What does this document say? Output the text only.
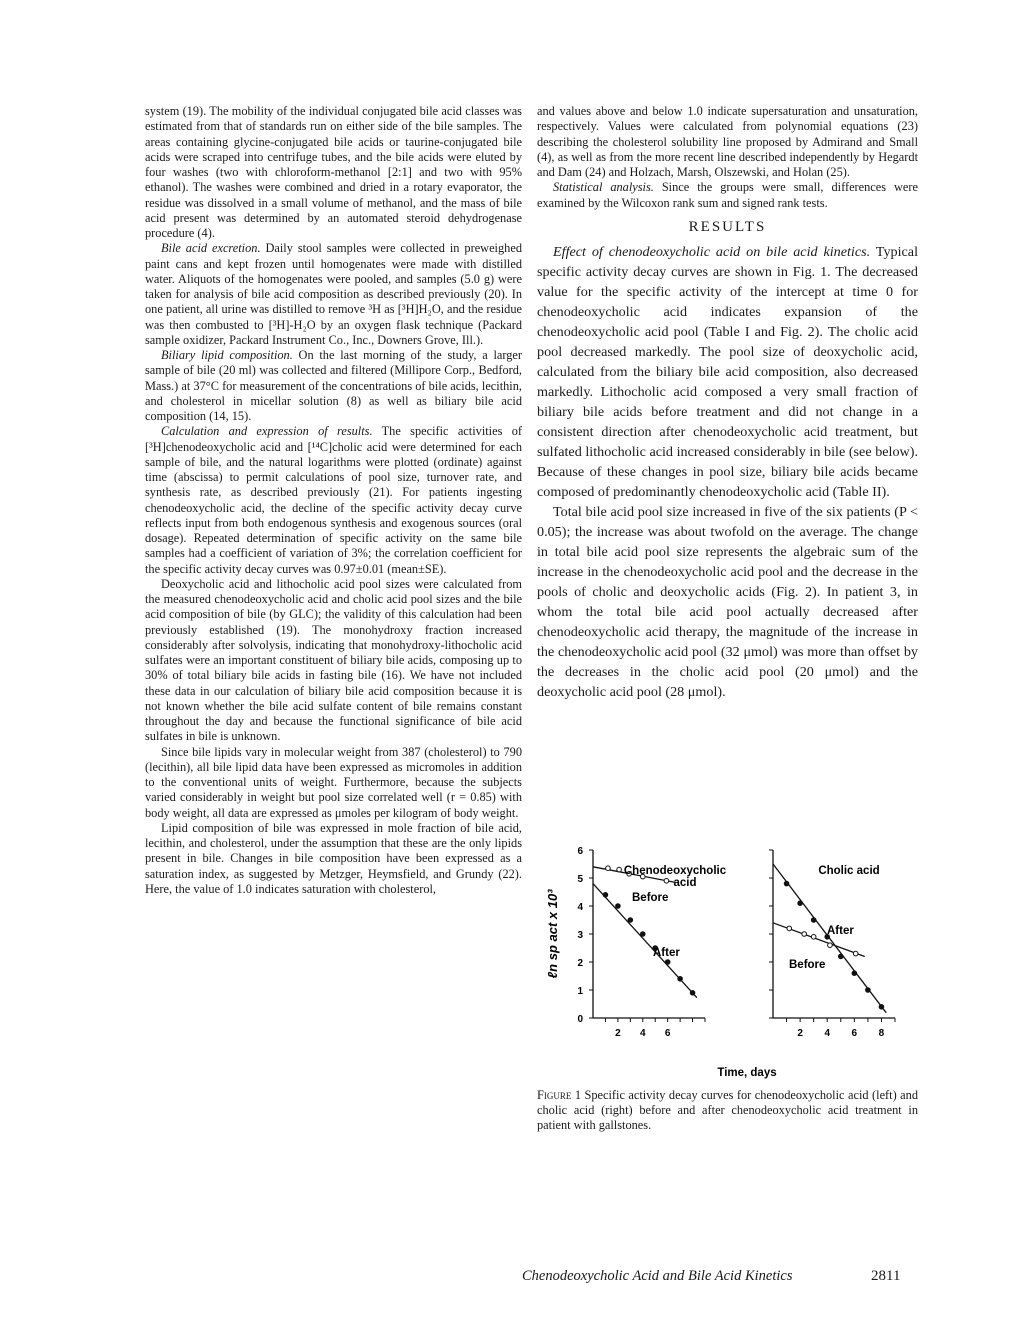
system (19). The mobility of the individual conjugated bile acid classes was estimated from that of standards run on either side of the bile samples. The areas containing glycine-conjugated bile acids or taurine-conjugated bile acids were scraped into centrifuge tubes, and the bile acids were eluted by four washes (two with chloroform-methanol [2:1] and two with 95% ethanol). The washes were combined and dried in a rotary evaporator, the residue was dissolved in a small volume of methanol, and the mass of bile acid present was determined by an automated steroid dehydrogenase procedure (4).

Bile acid excretion. Daily stool samples were collected in preweighed paint cans and kept frozen until homogenates were made with distilled water. Aliquots of the homogenates were pooled, and samples (5.0 g) were taken for analysis of bile acid composition as described previously (20). In one patient, all urine was distilled to remove ³H as [³H]H₂O, and the residue was then combusted to [³H]-H₂O by an oxygen flask technique (Packard sample oxidizer, Packard Instrument Co., Inc., Downers Grove, Ill.).

Biliary lipid composition. On the last morning of the study, a larger sample of bile (20 ml) was collected and filtered (Millipore Corp., Bedford, Mass.) at 37°C for measurement of the concentrations of bile acids, lecithin, and cholesterol in micellar solution (8) as well as biliary bile acid composition (14, 15).

Calculation and expression of results. The specific activities of [³H]chenodeoxycholic acid and [¹⁴C]cholic acid were determined for each sample of bile, and the natural logarithms were plotted (ordinate) against time (abscissa) to permit calculations of pool size, turnover rate, and synthesis rate, as described previously (21). For patients ingesting chenodeoxycholic acid, the decline of the specific activity decay curve reflects input from both endogenous synthesis and exogenous sources (oral dosage). Repeated determination of specific activity on the same bile samples had a coefficient of variation of 3%; the correlation coefficient for the specific activity decay curves was 0.97±0.01 (mean±SE).

Deoxycholic acid and lithocholic acid pool sizes were calculated from the measured chenodeoxycholic acid and cholic acid pool sizes and the bile acid composition of bile (by GLC); the validity of this calculation had been previously established (19). The monohydroxy fraction increased considerably after solvolysis, indicating that monohydroxy-lithocholic acid sulfates were an important constituent of biliary bile acids, composing up to 30% of total biliary bile acids in fasting bile (16). We have not included these data in our calculation of biliary bile acid composition because it is not known whether the bile acid sulfate content of bile remains constant throughout the day and because the functional significance of bile acid sulfates in bile is unknown.

Since bile lipids vary in molecular weight from 387 (cholesterol) to 790 (lecithin), all bile lipid data have been expressed as micromoles in addition to the conventional units of weight. Furthermore, because the subjects varied considerably in weight but pool size correlated well (r = 0.85) with body weight, all data are expressed as μmoles per kilogram of body weight.

Lipid composition of bile was expressed in mole fraction of bile acid, lecithin, and cholesterol, under the assumption that these are the only lipids present in bile. Changes in bile composition have been expressed as a saturation index, as suggested by Metzger, Heymsfield, and Grundy (22). Here, the value of 1.0 indicates saturation with cholesterol,

and values above and below 1.0 indicate supersaturation and unsaturation, respectively. Values were calculated from polynomial equations (23) describing the cholesterol solubility line proposed by Admirand and Small (4), as well as from the more recent line described independently by Hegardt and Dam (24) and Holzach, Marsh, Olszewski, and Holan (25).

Statistical analysis. Since the groups were small, differences were examined by the Wilcoxon rank sum and signed rank tests.

RESULTS

Effect of chenodeoxycholic acid on bile acid kinetics. Typical specific activity decay curves are shown in Fig. 1. The decreased value for the specific activity of the intercept at time 0 for chenodeoxycholic acid indicates expansion of the chenodeoxycholic acid pool (Table I and Fig. 2). The cholic acid pool decreased markedly. The pool size of deoxycholic acid, calculated from the biliary bile acid composition, also decreased markedly. Lithocholic acid composed a very small fraction of biliary bile acids before treatment and did not change in a consistent direction after chenodeoxycholic acid treatment, but sulfated lithocholic acid increased considerably in bile (see below). Because of these changes in pool size, biliary bile acids became composed of predominantly chenodeoxycholic acid (Table II).

Total bile acid pool size increased in five of the six patients (P < 0.05); the increase was about twofold on the average. The change in total bile acid pool size represents the algebraic sum of the increase in the chenodeoxycholic acid pool and the decrease in the pools of cholic and deoxycholic acids (Fig. 2). In patient 3, in whom the total bile acid pool actually decreased after chenodeoxycholic acid therapy, the magnitude of the increase in the chenodeoxycholic acid pool (32 μmol) was more than offset by the decreases in the cholic acid pool (20 μmol) and the deoxycholic acid pool (28 μmol).

ℓn sp act x 10³
0
1
2
3
4
5
6
2 4 6
Chenodeoxycholic
acid
Before
After
2 4 6 8
Cholic acid
After
Before
Time, days
Figure 1 Specific activity decay curves for chenodeoxycholic acid (left) and cholic acid (right) before and after chenodeoxycholic acid treatment in patient with gallstones.
Chenodeoxycholic Acid and Bile Acid Kinetics	2811
